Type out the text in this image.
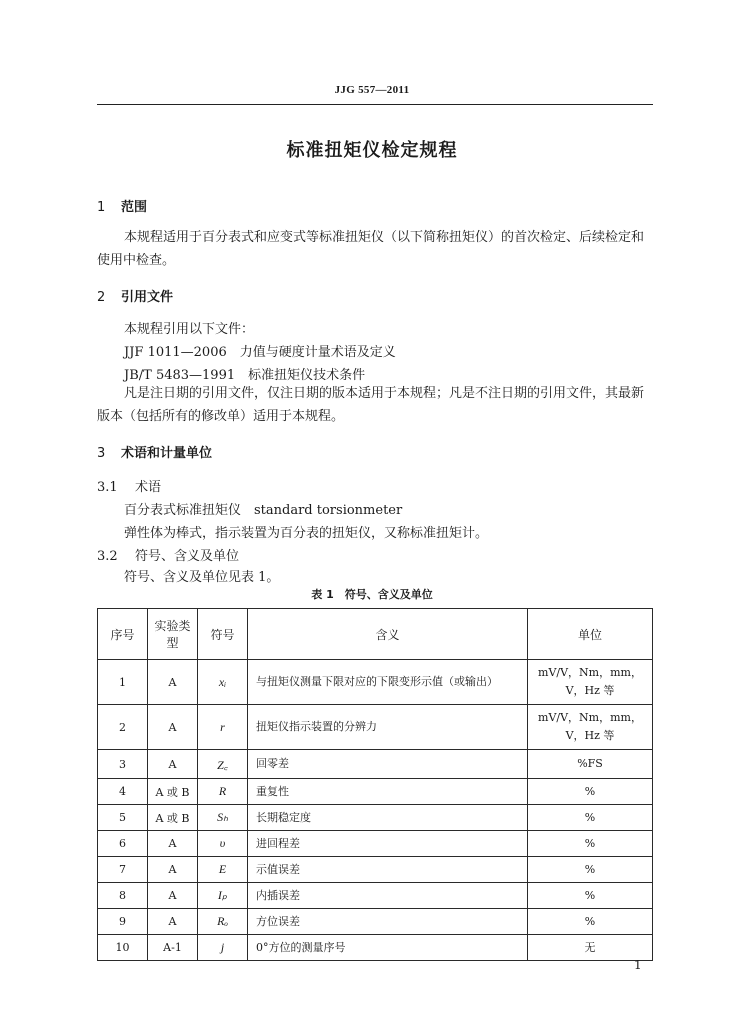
JJG 557—2011
标准扭矩仪检定规程
1 范围
本规程适用于百分表式和应变式等标准扭矩仪（以下简称扭矩仪）的首次检定、后续检定和使用中检查。
2 引用文件
本规程引用以下文件：
JJF 1011—2006　力值与硬度计量术语及定义
JB/T 5483—1991　标准扭矩仪技术条件
凡是注日期的引用文件，仅注日期的版本适用于本规程；凡是不注日期的引用文件，其最新版本（包括所有的修改单）适用于本规程。
3 术语和计量单位
3.1 术语
百分表式标准扭矩仪　standard torsionmeter
弹性体为棒式，指示装置为百分表的扭矩仪，又称标准扭矩计。
3.2 符号、含义及单位
符号、含义及单位见表 1。
表 1　符号、含义及单位
序号	实验类型	符号	含义	单位
1	A	xᵢ	与扭矩仪测量下限对应的下限变形示值（或输出）	mV/V，Nm，mm，V，Hz 等
2	A	r	扭矩仪指示装置的分辨力	mV/V，Nm，mm，V，Hz 等
3	A	Z꜀	回零差	%FS
4	A 或 B	R	重复性	%
5	A 或 B	Sₕ	长期稳定度	%
6	A	υ	进回程差	%
7	A	E	示值误差	%
8	A	Iₚ	内插误差	%
9	A	Rₒ	方位误差	%
10	A-1	j	0°方位的测量序号	无
1
